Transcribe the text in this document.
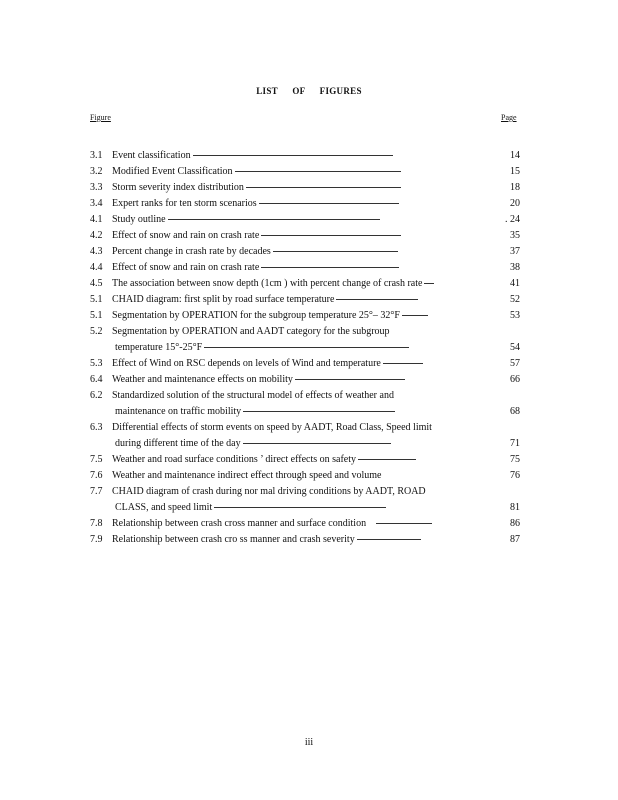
LIST OF FIGURES
Figure	Page
3.1 Event classification	14
3.2 Modified Event Classification	15
3.3 Storm severity index distribution	18
3.4 Expert ranks for ten storm scenarios	20
4.1 Study outline	. 24
4.2 Effect of snow and rain on crash rate	35
4.3 Percent change in crash rate by decades	37
4.4 Effect of snow and rain on crash rate	38
4.5 The association between snow depth (1cm ) with percent change of crash rate	41
5.1 CHAID diagram: first split by road surface temperature	52
5.1 Segmentation by OPERATION for the subgroup temperature 25°– 32°F	53
5.2 Segmentation by OPERATION and AADT category for the subgroup
temperature 15°-25°F	54
5.3 Effect of Wind on RSC depends on levels of Wind and temperature	57
6.4 Weather and maintenance effects on mobility	66
6.2 Standardized solution of the structural model of effects of weather and
maintenance on traffic mobility	68
6.3 Differential effects of storm events on speed by AADT, Road Class, Speed limit
during different time of the day	71
7.5 Weather and road surface conditions ’ direct effects on safety	75
7.6 Weather and maintenance indirect effect through speed and volume	76
7.7 CHAID diagram of crash during nor mal driving conditions by AADT, ROAD
CLASS, and speed limit	81
7.8 Relationship between crash cross manner and surface condition	86
7.9 Relationship between crash cro ss manner and crash severity	87
iii
